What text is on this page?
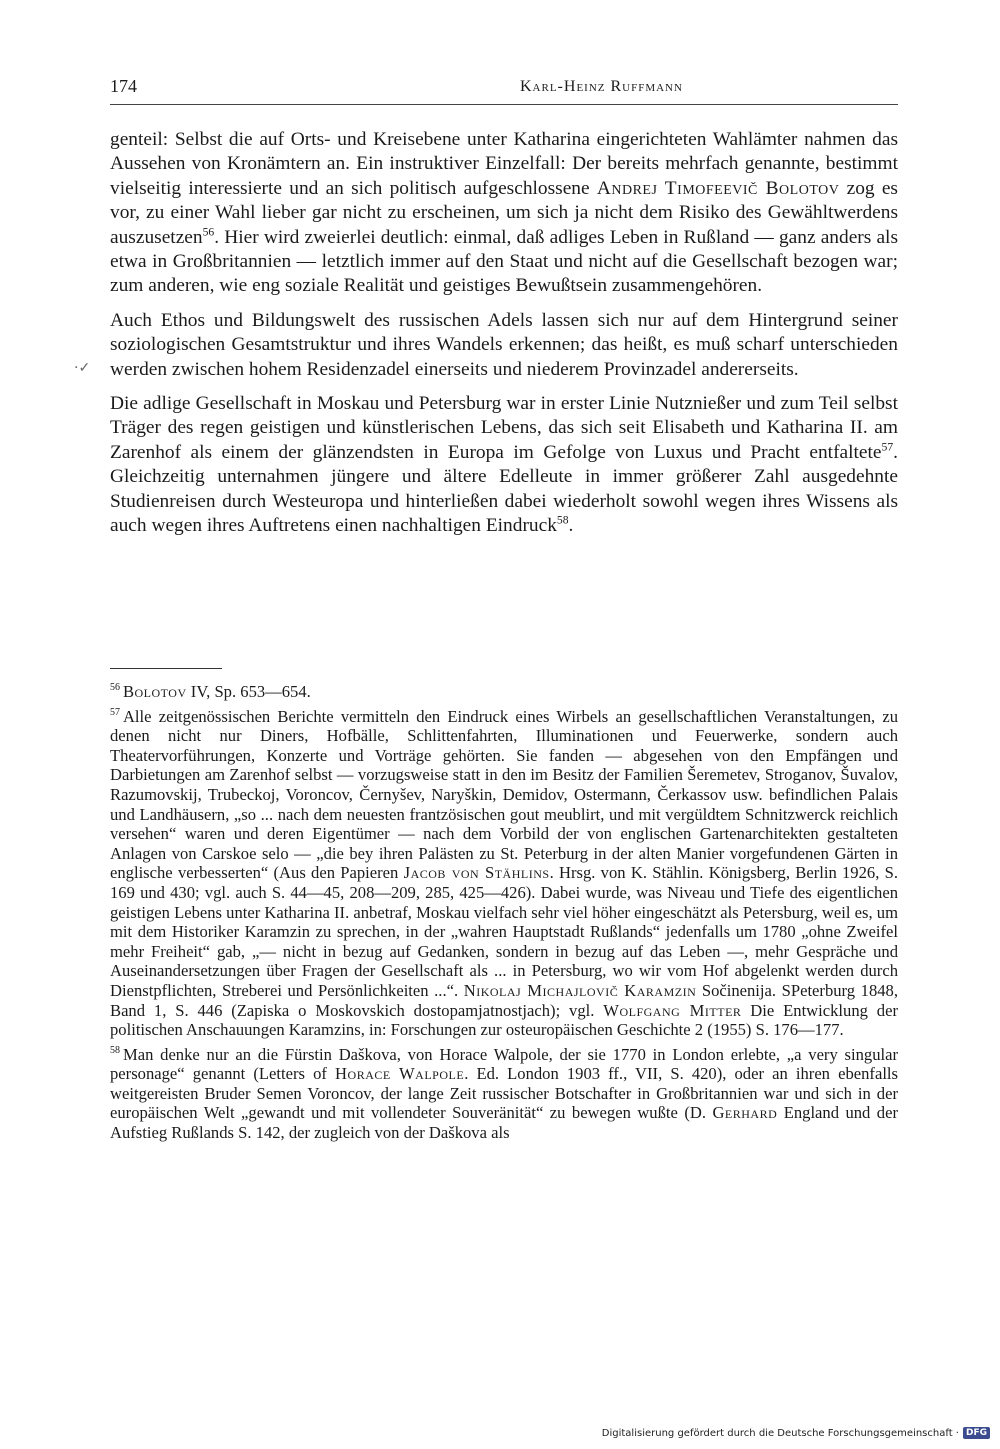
174	Karl-Heinz Ruffmann
·✓

genteil: Selbst die auf Orts- und Kreisebene unter Katharina eingerichteten Wahlämter nahmen das Aussehen von Kronämtern an. Ein instruktiver Einzelfall: Der bereits mehrfach genannte, bestimmt vielseitig interessierte und an sich politisch aufgeschlossene Andrej Timofeevič Bolotov zog es vor, zu einer Wahl lieber gar nicht zu erscheinen, um sich ja nicht dem Risiko des Gewähltwerdens auszusetzen$^{56}$. Hier wird zweierlei deutlich: einmal, daß adliges Leben in Rußland — ganz anders als etwa in Großbritannien — letztlich immer auf den Staat und nicht auf die Gesellschaft bezogen war; zum anderen, wie eng soziale Realität und geistiges Bewußtsein zusammengehören.

Auch Ethos und Bildungswelt des russischen Adels lassen sich nur auf dem Hintergrund seiner soziologischen Gesamtstruktur und ihres Wandels erkennen; das heißt, es muß scharf unterschieden werden zwischen hohem Residenzadel einerseits und niederem Provinzadel andererseits.

Die adlige Gesellschaft in Moskau und Petersburg war in erster Linie Nutznießer und zum Teil selbst Träger des regen geistigen und künstlerischen Lebens, das sich seit Elisabeth und Katharina II. am Zarenhof als einem der glänzendsten in Europa im Gefolge von Luxus und Pracht entfaltete$^{57}$. Gleichzeitig unternahmen jüngere und ältere Edelleute in immer größerer Zahl ausgedehnte Studienreisen durch Westeuropa und hinterließen dabei wiederholt sowohl wegen ihres Wissens als auch wegen ihres Auftretens einen nachhaltigen Eindruck$^{58}$.

$^{56}$ Bolotov IV, Sp. 653—654.

$^{57}$ Alle zeitgenössischen Berichte vermitteln den Eindruck eines Wirbels an gesellschaftlichen Veranstaltungen, zu denen nicht nur Diners, Hofbälle, Schlittenfahrten, Illuminationen und Feuerwerke, sondern auch Theatervorführungen, Konzerte und Vorträge gehörten. Sie fanden — abgesehen von den Empfängen und Darbietungen am Zarenhof selbst — vorzugsweise statt in den im Besitz der Familien Šeremetev, Stroganov, Šuvalov, Razumovskij, Trubeckoj, Voroncov, Černyšev, Naryškin, Demidov, Ostermann, Čerkassov usw. befindlichen Palais und Landhäusern, „so ... nach dem neuesten frantzösischen gout meublirt, und mit vergüldtem Schnitzwerck reichlich versehen“ waren und deren Eigentümer — nach dem Vorbild der von englischen Gartenarchitekten gestalteten Anlagen von Carskoe selo — „die bey ihren Palästen zu St. Peterburg in der alten Manier vorgefundenen Gärten in englische verbesserten“ (Aus den Papieren Jacob von Stählins. Hrsg. von K. Stählin. Königsberg, Berlin 1926, S. 169 und 430; vgl. auch S. 44—45, 208—209, 285, 425—426). Dabei wurde, was Niveau und Tiefe des eigentlichen geistigen Lebens unter Katharina II. anbetraf, Moskau vielfach sehr viel höher eingeschätzt als Petersburg, weil es, um mit dem Historiker Karamzin zu sprechen, in der „wahren Hauptstadt Rußlands“ jedenfalls um 1780 „ohne Zweifel mehr Freiheit“ gab, „— nicht in bezug auf Gedanken, sondern in bezug auf das Leben —, mehr Gespräche und Auseinandersetzungen über Fragen der Gesellschaft als ... in Petersburg, wo wir vom Hof abgelenkt werden durch Dienstpflichten, Streberei und Persönlichkeiten ...“. Nikolaj Michajlovič Karamzin Sočinenija. SPeterburg 1848, Band 1, S. 446 (Zapiska o Moskovskich dostopamjatnostjach); vgl. Wolfgang Mitter Die Entwicklung der politischen Anschauungen Karamzins, in: Forschungen zur osteuropäischen Geschichte 2 (1955) S. 176—177.

$^{58}$ Man denke nur an die Fürstin Daškova, von Horace Walpole, der sie 1770 in London erlebte, „a very singular personage“ genannt (Letters of Horace Walpole. Ed. London 1903 ff., VII, S. 420), oder an ihren ebenfalls weitgereisten Bruder Semen Voroncov, der lange Zeit russischer Botschafter in Großbritannien war und sich in der europäischen Welt „gewandt und mit vollendeter Souveränität“ zu bewegen wußte (D. Gerhard England und der Aufstieg Rußlands S. 142, der zugleich von der Daškova als

Digitalisierung gefördert durch die Deutsche Forschungsgemeinschaft · DFG
